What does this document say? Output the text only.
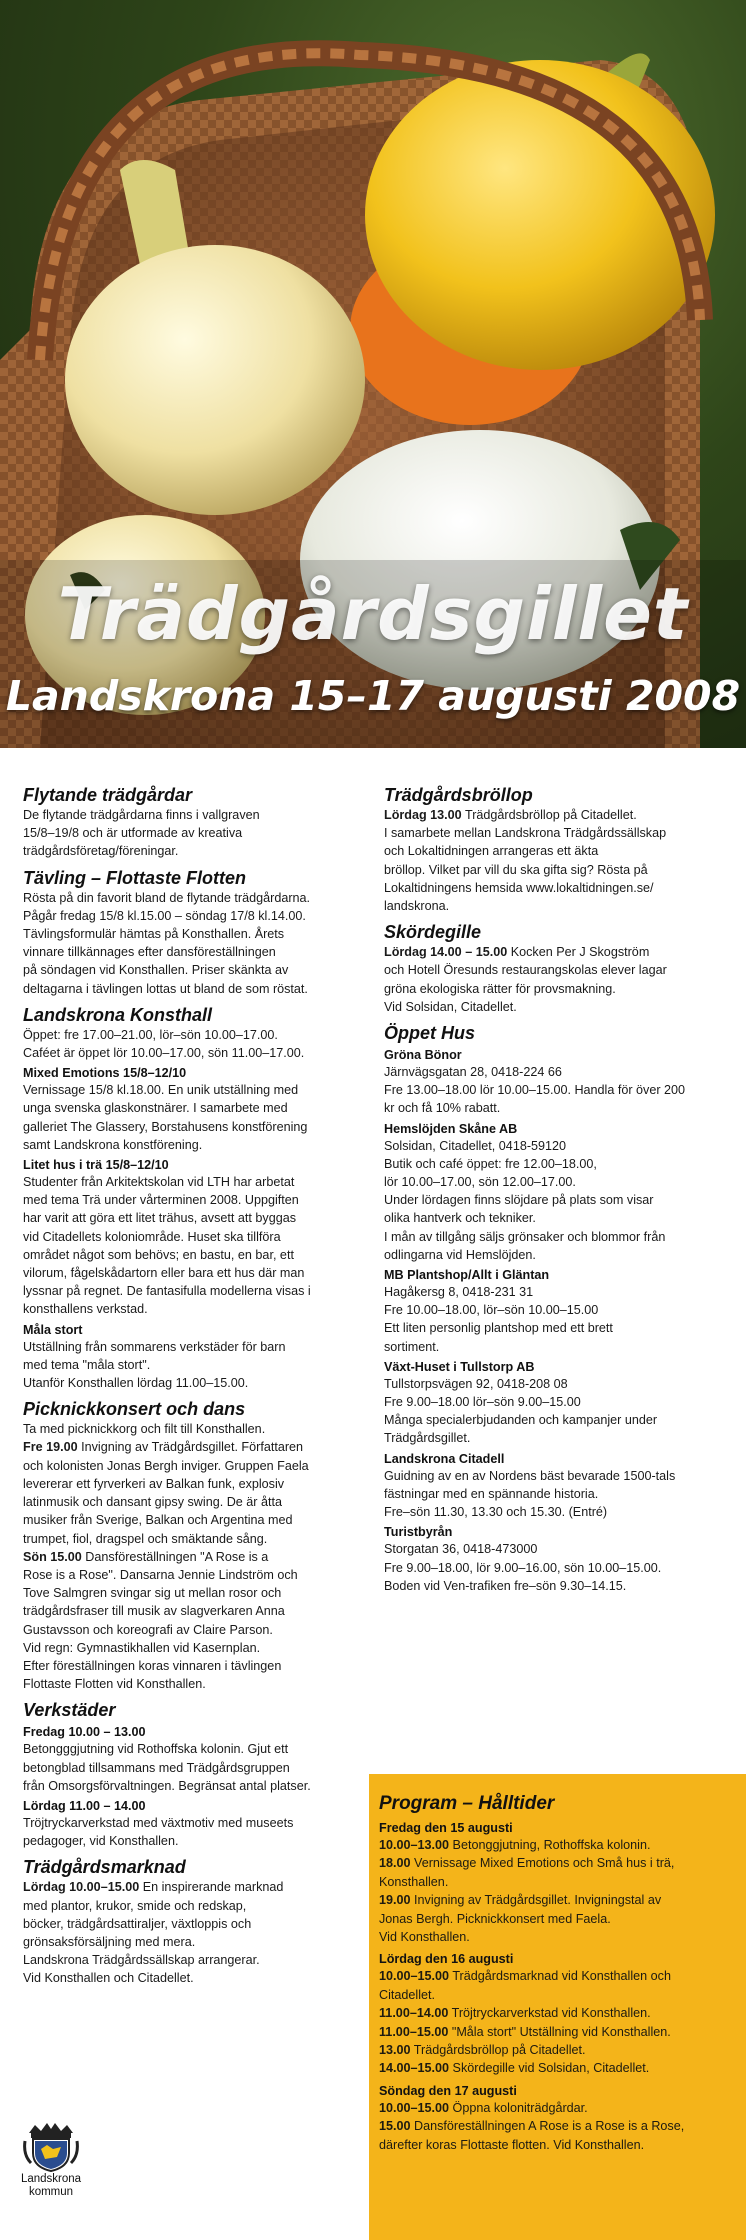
Trädgårdsgillet
Landskrona 15–17 augusti 2008
Flytande trädgårdar

De flytande trädgårdarna finns i vallgraven
15/8–19/8 och är utformade av kreativa
trädgårdsföretag/föreningar.

Tävling – Flottaste Flotten

Rösta på din favorit bland de flytande trädgårdarna.
Pågår fredag 15/8 kl.15.00 – söndag 17/8 kl.14.00.
Tävlingsformulär hämtas på Konsthallen. Årets
vinnare tillkännages efter dansföreställningen
på söndagen vid Konsthallen. Priser skänkta av
deltagarna i tävlingen lottas ut bland de som röstat.

Landskrona Konsthall

Öppet: fre 17.00–21.00, lör–sön 10.00–17.00.
Caféet är öppet lör 10.00–17.00, sön 11.00–17.00.

Mixed Emotions 15/8–12/10

Vernissage 15/8 kl.18.00. En unik utställning med
unga svenska glaskonstnärer. I samarbete med
galleriet The Glassery, Borstahusens konstförening
samt Landskrona konstförening.

Litet hus i trä 15/8–12/10

Studenter från Arkitektskolan vid LTH har arbetat
med tema Trä under vårterminen 2008. Uppgiften
har varit att göra ett litet trähus, avsett att byggas
vid Citadellets koloniområde. Huset ska tillföra
området något som behövs; en bastu, en bar, ett
vilorum, fågelskådartorn eller bara ett hus där man
lyssnar på regnet. De fantasifulla modellerna visas i
konsthallens verkstad.

Måla stort

Utställning från sommarens verkstäder för barn
med tema "måla stort".
Utanför Konsthallen lördag 11.00–15.00.

Picknickkonsert och dans

Ta med picknickkorg och filt till Konsthallen.
Fre 19.00 Invigning av Trädgårdsgillet. Författaren
och kolonisten Jonas Bergh inviger. Gruppen Faela
levererar ett fyrverkeri av Balkan funk, explosiv
latinmusik och dansant gipsy swing. De är åtta
musiker från Sverige, Balkan och Argentina med
trumpet, fiol, dragspel och smäktande sång.
Sön 15.00 Dansföreställningen "A Rose is a
Rose is a Rose". Dansarna Jennie Lindström och
Tove Salmgren svingar sig ut mellan rosor och
trädgårdsfraser till musik av slagverkaren Anna
Gustavsson och koreografi av Claire Parson.
Vid regn: Gymnastikhallen vid Kasernplan.
Efter föreställningen koras vinnaren i tävlingen
Flottaste Flotten vid Konsthallen.

Verkstäder
Fredag 10.00 – 13.00

Betongggjutning vid Rothoffska kolonin. Gjut ett
betongblad tillsammans med Trädgårdsgruppen
från Omsorgsförvaltningen. Begränsat antal platser.

Lördag 11.00 – 14.00

Tröjtryckarverkstad med växtmotiv med museets
pedagoger, vid Konsthallen.

Trädgårdsmarknad

Lördag 10.00–15.00 En inspirerande marknad
med plantor, krukor, smide och redskap,
böcker, trädgårdsattiraljer, växtloppis och
grönsaksförsäljning med mera.
Landskrona Trädgårdssällskap arrangerar.
Vid Konsthallen och Citadellet.

Trädgårdsbröllop

Lördag 13.00 Trädgårdsbröllop på Citadellet.
I samarbete mellan Landskrona Trädgårdssällskap
och Lokaltidningen arrangeras ett äkta
bröllop. Vilket par vill du ska gifta sig? Rösta på
Lokaltidningens hemsida www.lokaltidningen.se/
landskrona.

Skördegille

Lördag 14.00 – 15.00 Kocken Per J Skogström
och Hotell Öresunds restaurangskolas elever lagar
gröna ekologiska rätter för provsmakning.
Vid Solsidan, Citadellet.

Öppet Hus
Gröna Bönor

Järnvägsgatan 28, 0418-224 66
Fre 13.00–18.00 lör 10.00–15.00. Handla för över 200
kr och få 10% rabatt.

Hemslöjden Skåne AB

Solsidan, Citadellet, 0418-59120
Butik och café öppet: fre 12.00–18.00,
lör 10.00–17.00, sön 12.00–17.00.
Under lördagen finns slöjdare på plats som visar
olika hantverk och tekniker.
I mån av tillgång säljs grönsaker och blommor från
odlingarna vid Hemslöjden.

MB Plantshop/Allt i Gläntan

Hagåkersg 8, 0418-231 31
Fre 10.00–18.00, lör–sön 10.00–15.00
Ett liten personlig plantshop med ett brett
sortiment.

Växt-Huset i Tullstorp AB

Tullstorpsvägen 92, 0418-208 08
Fre 9.00–18.00 lör–sön 9.00–15.00
Många specialerbjudanden och kampanjer under
Trädgårdsgillet.

Landskrona Citadell

Guidning av en av Nordens bäst bevarade 1500-tals
fästningar med en spännande historia.
Fre–sön 11.30, 13.30 och 15.30. (Entré)

Turistbyrån

Storgatan 36, 0418-473000
Fre 9.00–18.00, lör 9.00–16.00, sön 10.00–15.00.
Boden vid Ven-trafiken fre–sön 9.30–14.15.

Program – Hålltider
Fredag den 15 augusti

10.00–13.00 Betonggjutning, Rothoffska kolonin.
18.00 Vernissage Mixed Emotions och Små hus i trä,
Konsthallen.
19.00 Invigning av Trädgårdsgillet. Invigningstal av
Jonas Bergh. Picknickkonsert med Faela.
Vid Konsthallen.

Lördag den 16 augusti

10.00–15.00 Trädgårdsmarknad vid Konsthallen och
Citadellet.
11.00–14.00 Tröjtryckarverkstad vid Konsthallen.
11.00–15.00 "Måla stort" Utställning vid Konsthallen.
13.00 Trädgårdsbröllop på Citadellet.
14.00–15.00 Skördegille vid Solsidan, Citadellet.

Söndag den 17 augusti

10.00–15.00 Öppna koloniträdgårdar.
15.00 Dansföreställningen A Rose is a Rose is a Rose,
därefter koras Flottaste flotten. Vid Konsthallen.

Landskrona
kommun
